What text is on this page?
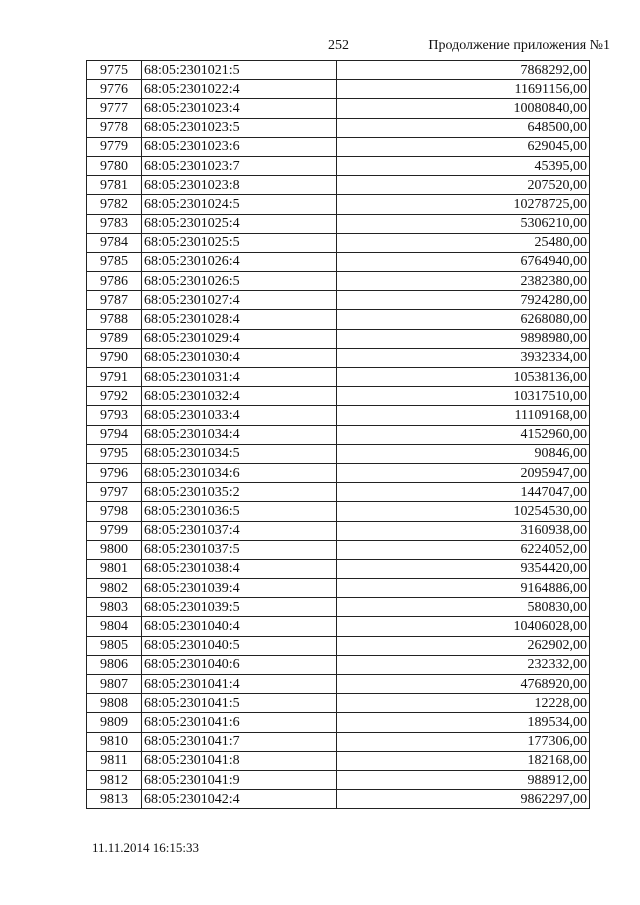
252	Продолжение приложения №1
9775	68:05:2301021:5	7868292,00
9776	68:05:2301022:4	11691156,00
9777	68:05:2301023:4	10080840,00
9778	68:05:2301023:5	648500,00
9779	68:05:2301023:6	629045,00
9780	68:05:2301023:7	45395,00
9781	68:05:2301023:8	207520,00
9782	68:05:2301024:5	10278725,00
9783	68:05:2301025:4	5306210,00
9784	68:05:2301025:5	25480,00
9785	68:05:2301026:4	6764940,00
9786	68:05:2301026:5	2382380,00
9787	68:05:2301027:4	7924280,00
9788	68:05:2301028:4	6268080,00
9789	68:05:2301029:4	9898980,00
9790	68:05:2301030:4	3932334,00
9791	68:05:2301031:4	10538136,00
9792	68:05:2301032:4	10317510,00
9793	68:05:2301033:4	11109168,00
9794	68:05:2301034:4	4152960,00
9795	68:05:2301034:5	90846,00
9796	68:05:2301034:6	2095947,00
9797	68:05:2301035:2	1447047,00
9798	68:05:2301036:5	10254530,00
9799	68:05:2301037:4	3160938,00
9800	68:05:2301037:5	6224052,00
9801	68:05:2301038:4	9354420,00
9802	68:05:2301039:4	9164886,00
9803	68:05:2301039:5	580830,00
9804	68:05:2301040:4	10406028,00
9805	68:05:2301040:5	262902,00
9806	68:05:2301040:6	232332,00
9807	68:05:2301041:4	4768920,00
9808	68:05:2301041:5	12228,00
9809	68:05:2301041:6	189534,00
9810	68:05:2301041:7	177306,00
9811	68:05:2301041:8	182168,00
9812	68:05:2301041:9	988912,00
9813	68:05:2301042:4	9862297,00
11.11.2014 16:15:33
